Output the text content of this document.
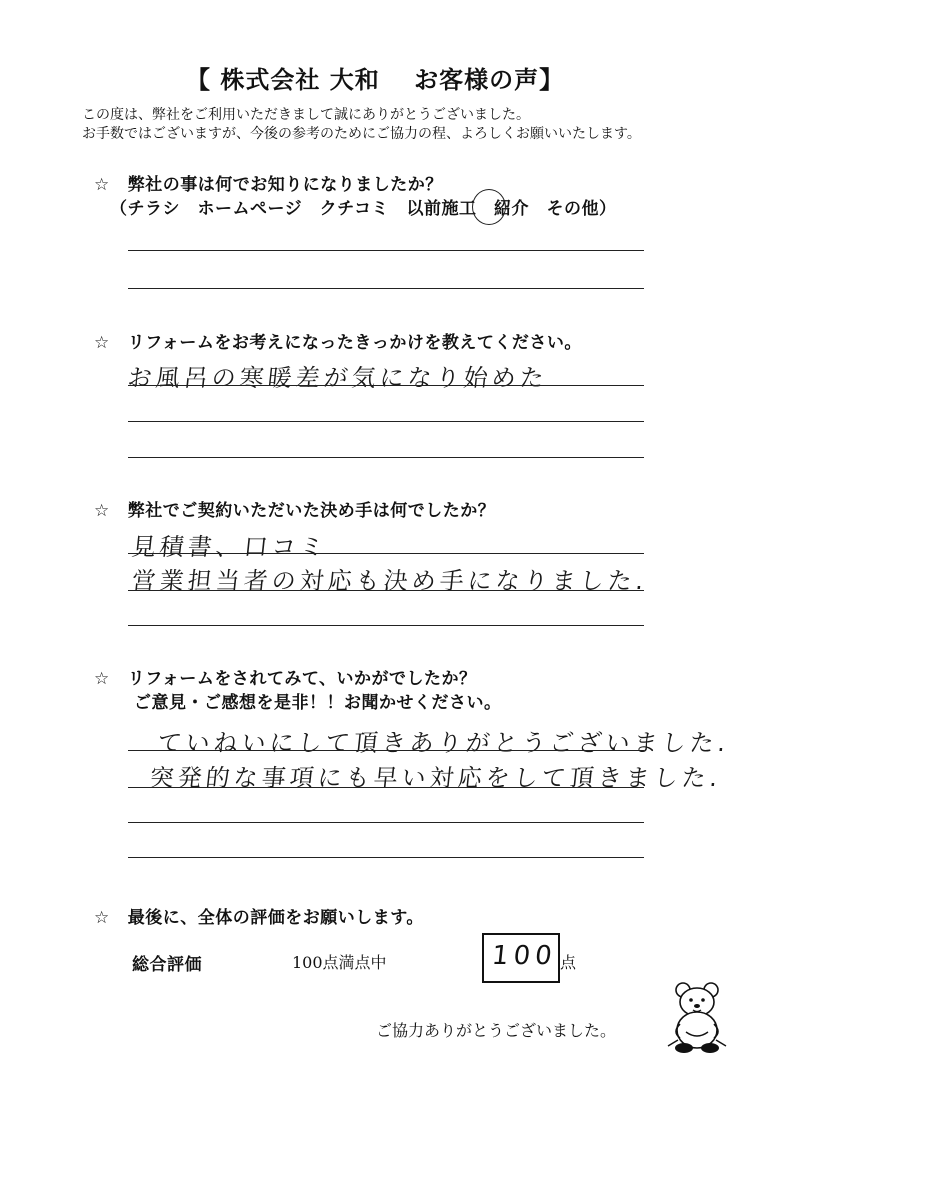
【 株式会社 大和　 お客様の声】
この度は、弊社をご利用いただきまして誠にありがとうございました。
お手数ではございますが、今後の参考のためにご協力の程、よろしくお願いいたします。
☆ 弊社の事は何でお知りになりましたか？
（チラシ　ホームページ　クチコミ　以前施工　紹介　その他）
☆ リフォームをお考えになったきっかけを教えてください。
お風呂の寒暖差が気になり始めた
☆ 弊社でご契約いただいた決め手は何でしたか？
見積書、口コミ
営業担当者の対応も決め手になりました.
☆ リフォームをされてみて、いかがでしたか？
ご意見・ご感想を是非！！お聞かせください。
ていねいにして頂きありがとうございました.
突発的な事項にも早い対応をして頂きました.
☆ 最後に、全体の評価をお願いします。
総合評価	100点満点中	100 点
ご協力ありがとうございました。
